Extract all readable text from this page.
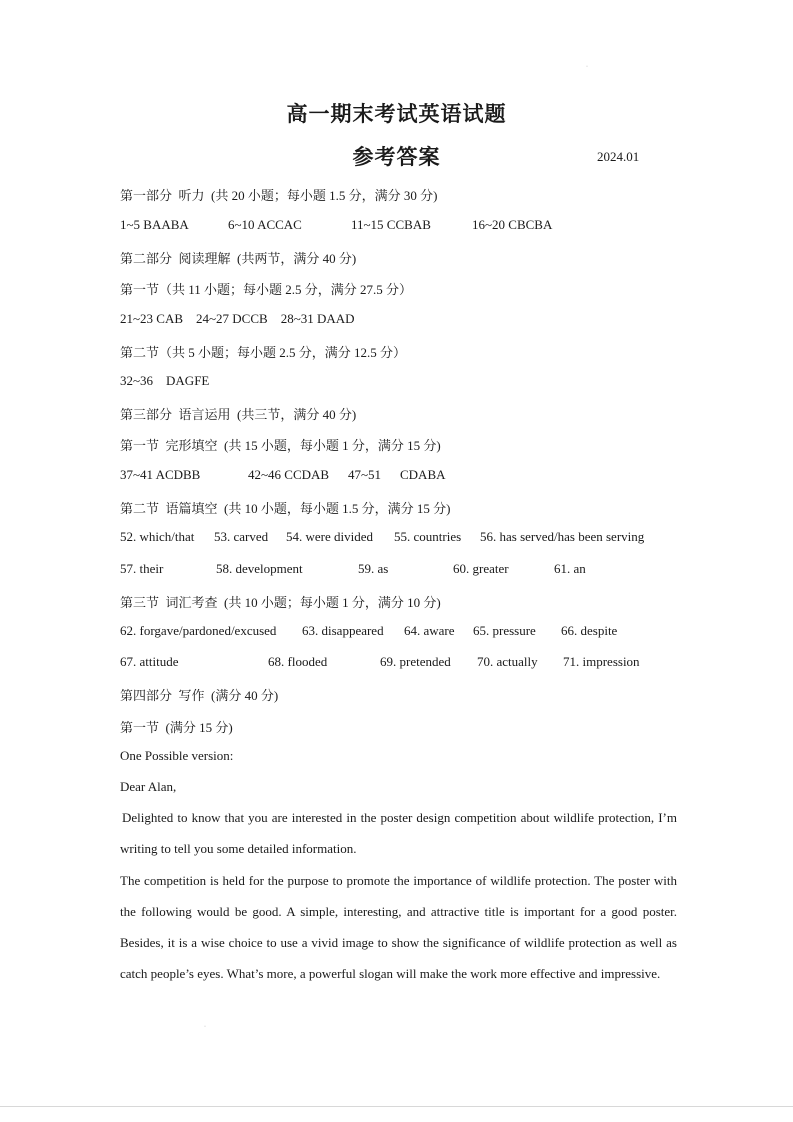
·
高一期末考试英语试题
参考答案	2024.01
第一部分  听力  (共 20 小题；每小题 1.5 分，满分 30 分)
1~5 BAABA	6~10 ACCAC	11~15 CCBAB	16~20 CBCBA
第二部分  阅读理解  (共两节，满分 40 分)
第一节（共 11 小题；每小题 2.5 分，满分 27.5 分）
21~23 CAB    24~27 DCCB    28~31 DAAD
第二节（共 5 小题；每小题 2.5 分，满分 12.5 分）
32~36    DAGFE
第三部分  语言运用  (共三节，满分 40 分)
第一节  完形填空  (共 15 小题，每小题 1 分，满分 15 分)
37~41 ACDBB	42~46 CCDAB 47~51 CDABA
第二节  语篇填空  (共 10 小题，每小题 1.5 分，满分 15 分)
52. which/that 53. carved 54. were divided 55. countries 56. has served/has been serving
57. their	58. development	59. as	60. greater	61. an
第三节  词汇考查  (共 10 小题；每小题 1 分，满分 10 分)
62. forgave/pardoned/excused 63. disappeared 64. aware 65. pressure 66. despite
67. attitude	68. flooded	69. pretended 70. actually 71. impression
第四部分  写作  (满分 40 分)
第一节  (满分 15 分)
One Possible version:
Dear Alan,
Delighted to know that you are interested in the poster design competition about wildlife protection, I’m writing to tell you some detailed information.
The competition is held for the purpose to promote the importance of wildlife protection. The poster with the following would be good. A simple, interesting, and attractive title is important for a good poster. Besides, it is a wise choice to use a vivid image to show the significance of wildlife protection as well as catch people’s eyes. What’s more, a powerful slogan will make the work more effective and impressive.
·
